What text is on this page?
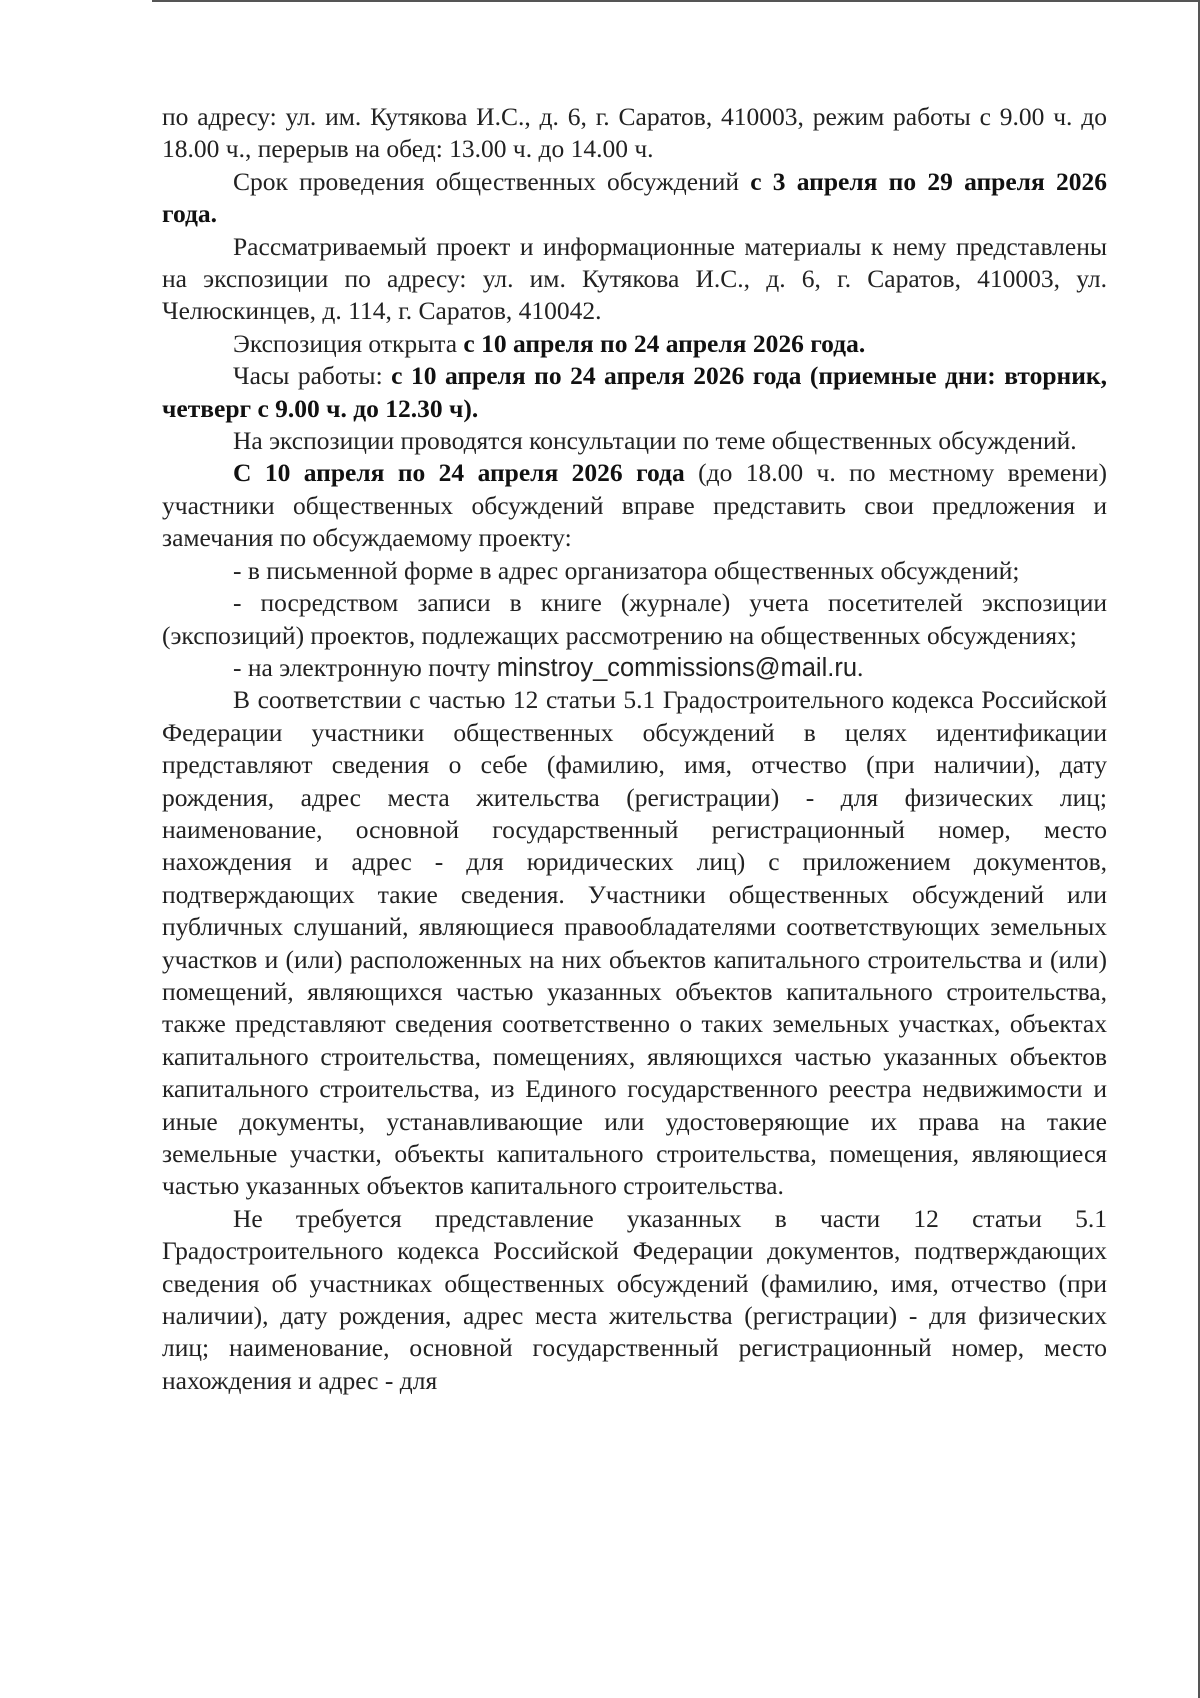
по адресу: ул. им. Кутякова И.С., д. 6, г. Саратов, 410003, режим работы с 9.00 ч. до 18.00 ч., перерыв на обед: 13.00 ч. до 14.00 ч.

Срок проведения общественных обсуждений с 3 апреля по 29 апреля 2026 года.

Рассматриваемый проект и информационные материалы к нему представлены на экспозиции по адресу: ул. им. Кутякова И.С., д. 6, г. Саратов, 410003, ул. Челюскинцев, д. 114, г. Саратов, 410042.

Экспозиция открыта с 10 апреля по 24 апреля 2026 года.

Часы работы: с 10 апреля по 24 апреля 2026 года (приемные дни: вторник, четверг с 9.00 ч. до 12.30 ч).

На экспозиции проводятся консультации по теме общественных обсуждений.

С 10 апреля по 24 апреля 2026 года (до 18.00 ч. по местному времени) участники общественных обсуждений вправе представить свои предложения и замечания по обсуждаемому проекту:

- в письменной форме в адрес организатора общественных обсуждений;

- посредством записи в книге (журнале) учета посетителей экспозиции (экспозиций) проектов, подлежащих рассмотрению на общественных обсуждениях;

- на электронную почту minstroy_commissions@mail.ru.

В соответствии с частью 12 статьи 5.1 Градостроительного кодекса Российской Федерации участники общественных обсуждений в целях идентификации представляют сведения о себе (фамилию, имя, отчество (при наличии), дату рождения, адрес места жительства (регистрации) - для физических лиц; наименование, основной государственный регистрационный номер, место нахождения и адрес - для юридических лиц) с приложением документов, подтверждающих такие сведения. Участники общественных обсуждений или публичных слушаний, являющиеся правообладателями соответствующих земельных участков и (или) расположенных на них объектов капитального строительства и (или) помещений, являющихся частью указанных объектов капитального строительства, также представляют сведения соответственно о таких земельных участках, объектах капитального строительства, помещениях, являющихся частью указанных объектов капитального строительства, из Единого государственного реестра недвижимости и иные документы, устанавливающие или удостоверяющие их права на такие земельные участки, объекты капитального строительства, помещения, являющиеся частью указанных объектов капитального строительства.

Не требуется представление указанных в части 12 статьи 5.1 Градостроительного кодекса Российской Федерации документов, подтверждающих сведения об участниках общественных обсуждений (фамилию, имя, отчество (при наличии), дату рождения, адрес места жительства (регистрации) - для физических лиц; наименование, основной государственный регистрационный номер, место нахождения и адрес - для
